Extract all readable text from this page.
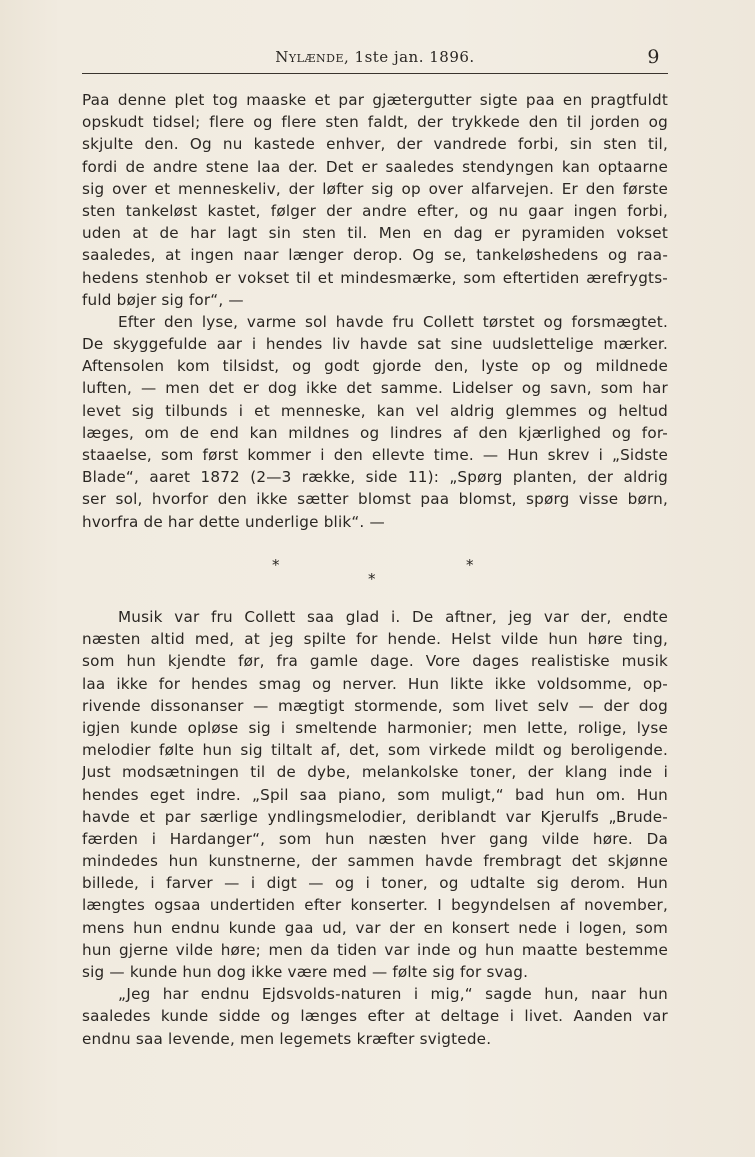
Nylænde, 1ste jan. 1896.	9
Paa denne plet tog maaske et par gjætergutter sigte paa en pragtfuldt
opskudt tidsel; flere og flere sten faldt, der trykkede den til jorden og
skjulte den. Og nu kastede enhver, der vandrede forbi, sin sten til,
fordi de andre stene laa der. Det er saaledes stendyngen kan optaarne
sig over et menneskeliv, der løfter sig op over alfarvejen. Er den første
sten tankeløst kastet, følger der andre efter, og nu gaar ingen forbi,
uden at de har lagt sin sten til. Men en dag er pyramiden vokset
saaledes, at ingen naar længer derop. Og se, tankeløshedens og raa-
hedens stenhob er vokset til et mindesmærke, som eftertiden ærefrygts-
fuld bøjer sig for“, —
Efter den lyse, varme sol havde fru Collett tørstet og forsmægtet.
De skyggefulde aar i hendes liv havde sat sine uudslettelige mærker.
Aftensolen kom tilsidst, og godt gjorde den, lyste op og mildnede
luften, — men det er dog ikke det samme. Lidelser og savn, som har
levet sig tilbunds i et menneske, kan vel aldrig glemmes og heltud
læges, om de end kan mildnes og lindres af den kjærlighed og for-
staaelse, som først kommer i den ellevte time. — Hun skrev i „Sidste
Blade“, aaret 1872 (2—3 række, side 11): „Spørg planten, der aldrig
ser sol, hvorfor den ikke sætter blomst paa blomst, spørg visse børn,
hvorfra de har dette underlige blik“. —
*
*
*
Musik var fru Collett saa glad i. De aftner, jeg var der, endte
næsten altid med, at jeg spilte for hende. Helst vilde hun høre ting,
som hun kjendte før, fra gamle dage. Vore dages realistiske musik
laa ikke for hendes smag og nerver. Hun likte ikke voldsomme, op-
rivende dissonanser — mægtigt stormende, som livet selv — der dog
igjen kunde opløse sig i smeltende harmonier; men lette, rolige, lyse
melodier følte hun sig tiltalt af, det, som virkede mildt og beroligende.
Just modsætningen til de dybe, melankolske toner, der klang inde i
hendes eget indre. „Spil saa piano, som muligt,“ bad hun om. Hun
havde et par særlige yndlingsmelodier, deriblandt var Kjerulfs „Brude-
færden i Hardanger“, som hun næsten hver gang vilde høre. Da
mindedes hun kunstnerne, der sammen havde frembragt det skjønne
billede, i farver — i digt — og i toner, og udtalte sig derom. Hun
længtes ogsaa undertiden efter konserter. I begyndelsen af november,
mens hun endnu kunde gaa ud, var der en konsert nede i logen, som
hun gjerne vilde høre; men da tiden var inde og hun maatte bestemme
sig — kunde hun dog ikke være med — følte sig for svag.
„Jeg har endnu Ejdsvolds-naturen i mig,“ sagde hun, naar hun
saaledes kunde sidde og længes efter at deltage i livet. Aanden var
endnu saa levende, men legemets kræfter svigtede.
